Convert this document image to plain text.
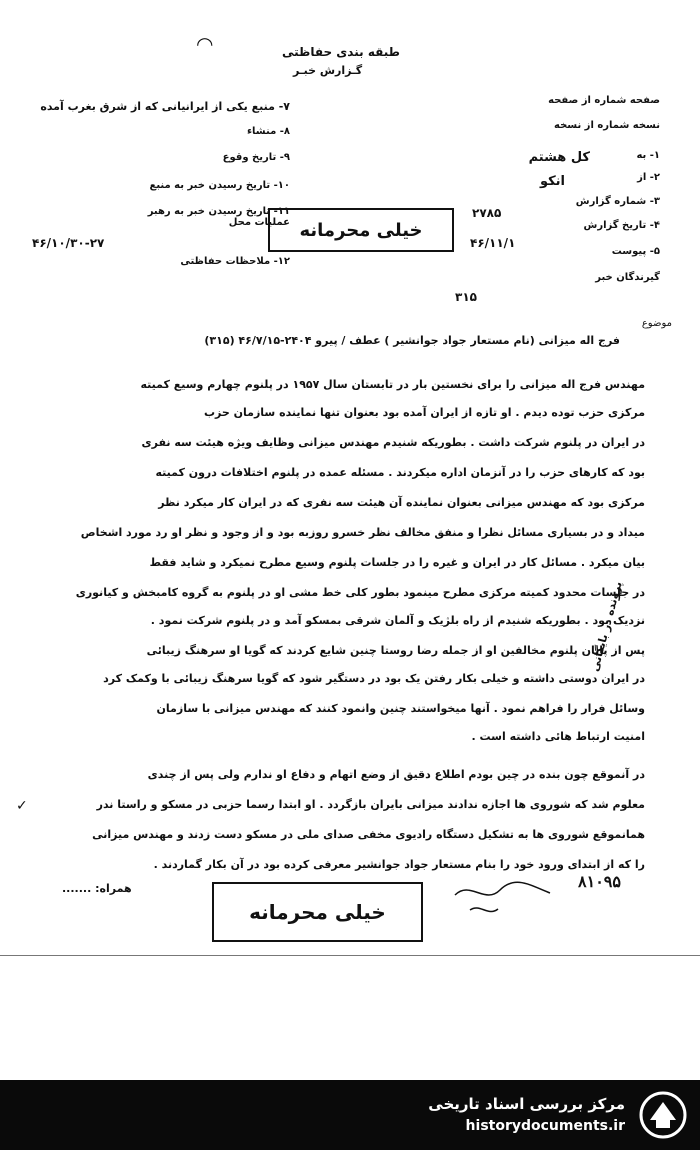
طبقه بندی حفاظتی
گـزارش خبـر
◠
صفحه شماره از صفحه
نسخه شماره از نسخه
۱- به
۲- از
۳- شماره گزارش
۴- تاریخ گزارش
۵- پیوست
گیرندگان خبر
کل هشتم
انکو
۲۷۸۵
۴۶/۱۱/۱
۳۱۵
۷- منبع یکی از ایرانیانی که از شرق بغرب آمده
۸- منشاء
۹- تاریخ وقوع
۱۰- تاریخ رسیدن خبر به منبع
۱۱- تاریخ رسیدن خبر به رهبر عملیات محل
۱۲- ملاحظات حفاظتی
۴۶/۱۰/۳۰-۲۷
خیلی محرمانه
موضوع
فرج اله میزانی (نام مستعار جواد جوانشیر ) عطف / پیرو ۲۴۰۴-۴۶/۷/۱۵ (۳۱۵)
مهندس فرج اله میزانی را برای نخستین بار در تابستان سال ۱۹۵۷ در پلنوم چهارم وسیع کمیته
مرکزی حزب توده دیدم . او تازه از ایران آمده بود بعنوان تنها نماینده سازمان حزب
در ایران در پلنوم شرکت داشت . بطوریکه شنیدم مهندس میزانی وظایف ویژه هیئت سه نفری
بود که کارهای حزب را در آنزمان اداره میکردند . مسئله عمده در پلنوم اختلافات درون کمیته
مرکزی بود که مهندس میزانی بعنوان نماینده آن هیئت سه نفری که در ایران کار میکرد نظر
میداد و در بسیاری مسائل نظرا و منفق مخالف نظر خسرو روزبه بود و از وجود و نظر او رد مورد اشخاص
بیان میکرد . مسائل کار در ایران و غیره را در جلسات پلنوم وسیع مطرح نمیکرد و شاید فقط
در جلسات محدود کمیته مرکزی مطرح مینمود بطور کلی خط مشی او در پلنوم به گروه کامبخش و کیانوری
نزدیک بود . بطوریکه شنیدم از راه بلژیک و آلمان شرقی بمسکو آمد و در پلنوم شرکت نمود .
پس از پایان پلنوم مخالفین او از جمله رضا روستا چنین شایع کردند که گویا او سرهنگ زیبائی
در ایران دوستی داشته و خیلی بکار رفتن یک بود در دستگیر شود که گویا سرهنگ زیبائی با وکمک کرد
وسائل فرار را فراهم نمود . آنها میخواستند چنین وانمود کنند که مهندس میزانی با سازمان
امنیت ارتباط هائی داشته است .
در آنموقع چون بنده در چین بودم اطلاع دقیق از وضع اتهام و دفاع او ندارم ولی پس از چندی
معلوم شد که شوروی ها اجازه ندادند میزانی بایران بازگردد . او ابتدا رسما حزبی در مسکو و راستا ندر
همانموقع شوروی ها به تشکیل دستگاه رادیوی مخفی صدای ملی در مسکو دست زدند و مهندس میزانی
را که از ابتدای ورود خود را بنام مستعار جواد جوانشیر معرفی کرده بود در آن بکار گماردند .
پرونده در بایگانی
همراه: .......
خیلی محرمانه
۸۱۰۹۵
✓
مرکز بررسی اسناد تاریخی
historydocuments.ir
